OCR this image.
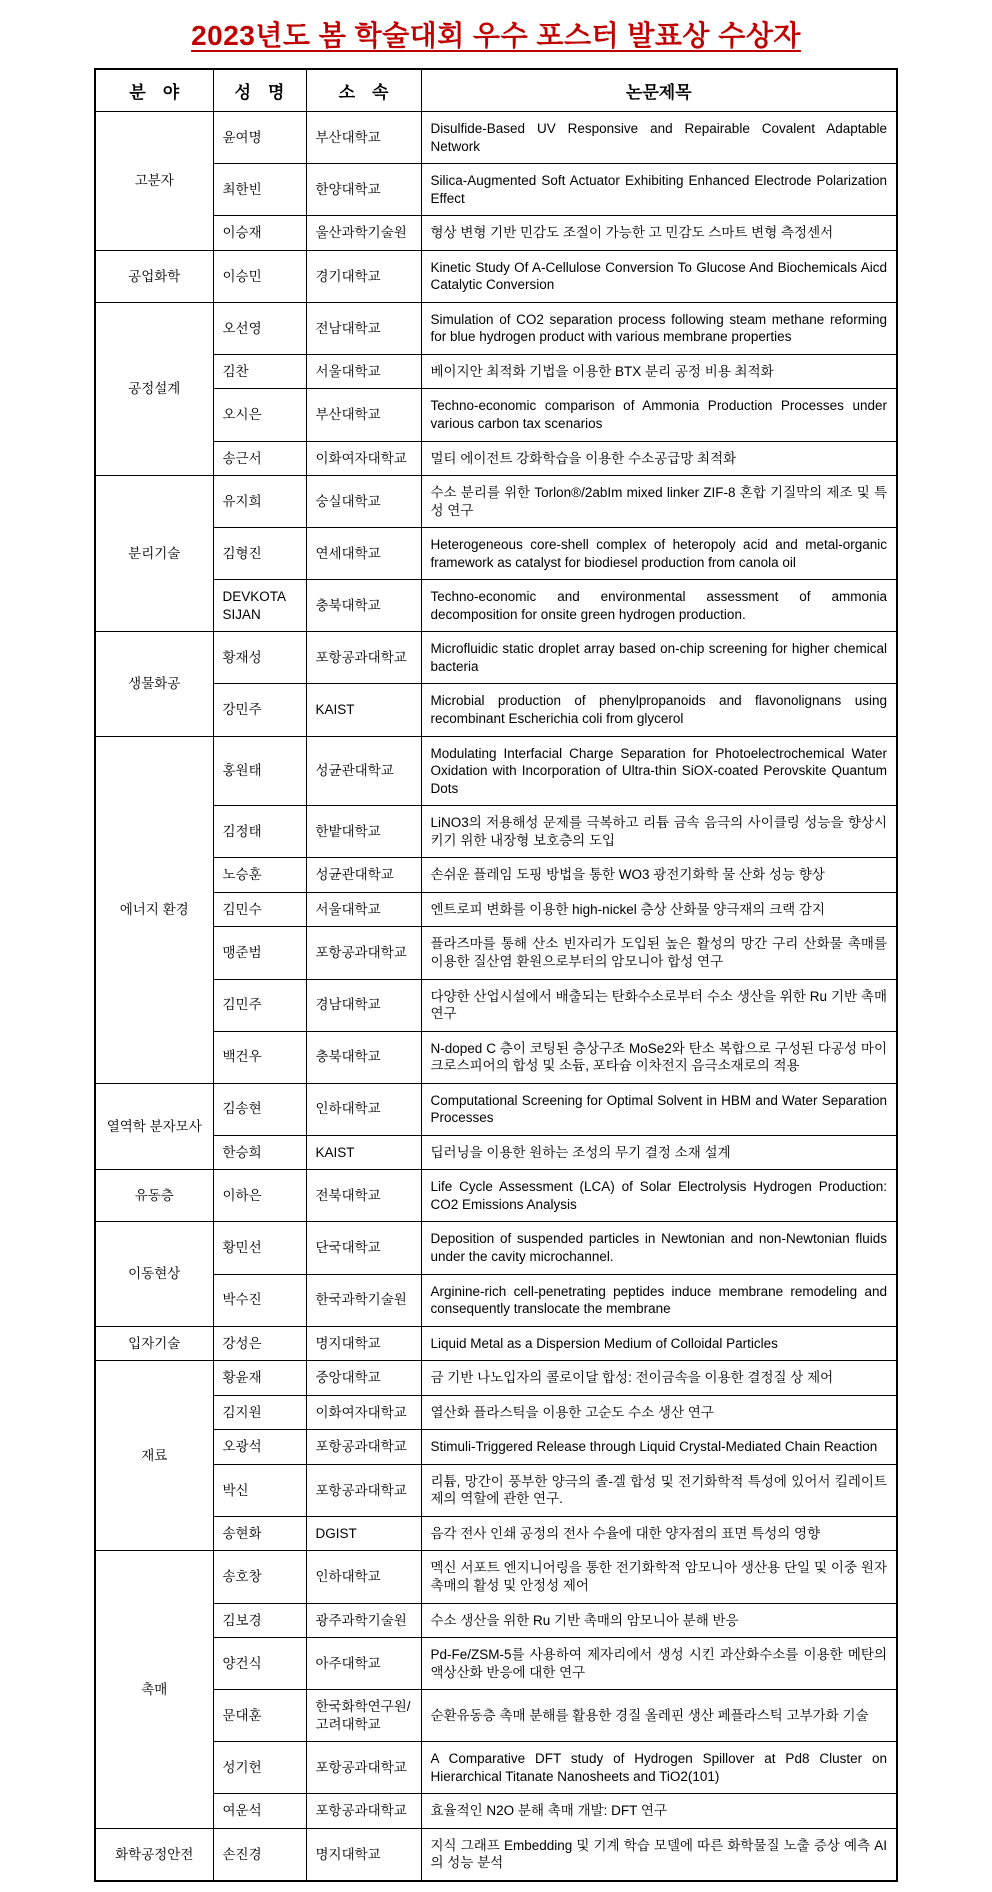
2023년도 봄 학술대회 우수 포스터 발표상 수상자
분　야	성　명	소　속	논문제목
고분자	윤여명	부산대학교	Disulfide-Based UV Responsive and Repairable Covalent Adaptable Network
	최한빈	한양대학교	Silica-Augmented Soft Actuator Exhibiting Enhanced Electrode Polarization Effect
	이승재	울산과학기술원	형상 변형 기반 민감도 조절이 가능한 고 민감도 스마트 변형 측정센서
공업화학	이승민	경기대학교	Kinetic Study Of A-Cellulose Conversion To Glucose And Biochemicals Aicd Catalytic Conversion
공정설계	오선영	전남대학교	Simulation of CO2 separation process following steam methane reforming for blue hydrogen product with various membrane properties
	김찬	서울대학교	베이지안 최적화 기법을 이용한 BTX 분리 공정 비용 최적화
	오시은	부산대학교	Techno-economic comparison of Ammonia Production Processes under various carbon tax scenarios
	송근서	이화여자대학교	멀티 에이전트 강화학습을 이용한 수소공급망 최적화
분리기술	유지희	숭실대학교	수소 분리를 위한 Torlon®/2abIm mixed linker ZIF-8 혼합 기질막의 제조 및 특성 연구
	김형진	연세대학교	Heterogeneous core-shell complex of heteropoly acid and metal-organic framework as catalyst for biodiesel production from canola oil
	DEVKOTA SIJAN	충북대학교	Techno-economic and environmental assessment of ammonia decomposition for onsite green hydrogen production.
생물화공	황재성	포항공과대학교	Microfluidic static droplet array based on-chip screening for higher chemical bacteria
	강민주	KAIST	Microbial production of phenylpropanoids and flavonolignans using recombinant Escherichia coli from glycerol
에너지 환경	홍원태	성균관대학교	Modulating Interfacial Charge Separation for Photoelectrochemical Water Oxidation with Incorporation of Ultra-thin SiOX-coated Perovskite Quantum Dots
	김정태	한밭대학교	LiNO3의 저용해성 문제를 극복하고 리튬 금속 음극의 사이클링 성능을 향상시키기 위한 내장형 보호층의 도입
	노승훈	성균관대학교	손쉬운 플레임 도핑 방법을 통한 WO3 광전기화학 물 산화 성능 향상
	김민수	서울대학교	엔트로피 변화를 이용한 high-nickel 층상 산화물 양극재의 크랙 감지
	맹준범	포항공과대학교	플라즈마를 통해 산소 빈자리가 도입된 높은 활성의 망간 구리 산화물 촉매를 이용한 질산염 환원으로부터의 암모니아 합성 연구
	김민주	경남대학교	다양한 산업시설에서 배출되는 탄화수소로부터 수소 생산을 위한 Ru 기반 촉매 연구
	백건우	충북대학교	N-doped C 층이 코팅된 층상구조 MoSe2와 탄소 복합으로 구성된 다공성 마이크로스피어의 합성 및 소듐, 포타슘 이차전지 음극소재로의 적용
열역학 분자모사	김송현	인하대학교	Computational Screening for Optimal Solvent in HBM and Water Separation Processes
	한승희	KAIST	딥러닝을 이용한 원하는 조성의 무기 결정 소재 설계
유동층	이하은	전북대학교	Life Cycle Assessment (LCA) of Solar Electrolysis Hydrogen Production: CO2 Emissions Analysis
이동현상	황민선	단국대학교	Deposition of suspended particles in Newtonian and non-Newtonian fluids under the cavity microchannel.
	박수진	한국과학기술원	Arginine-rich cell-penetrating peptides induce membrane remodeling and consequently translocate the membrane
입자기술	강성은	명지대학교	Liquid Metal as a Dispersion Medium of Colloidal Particles
재료	황윤재	중앙대학교	금 기반 나노입자의 콜로이달 합성: 전이금속을 이용한 결정질 상 제어
	김지원	이화여자대학교	열산화 플라스틱을 이용한 고순도 수소 생산 연구
	오광석	포항공과대학교	Stimuli-Triggered Release through Liquid Crystal-Mediated Chain Reaction
	박신	포항공과대학교	리튬, 망간이 풍부한 양극의 졸-겔 합성 및 전기화학적 특성에 있어서 킬레이트제의 역할에 관한 연구.
	송현화	DGIST	음각 전사 인쇄 공정의 전사 수율에 대한 양자점의 표면 특성의 영향
촉매	송호창	인하대학교	멕신 서포트 엔지니어링을 통한 전기화학적 암모니아 생산용 단일 및 이중 원자 촉매의 활성 및 안정성 제어
	김보경	광주과학기술원	수소 생산을 위한 Ru 기반 촉매의 암모니아 분해 반응
	양건식	아주대학교	Pd-Fe/ZSM-5를 사용하여 제자리에서 생성 시킨 과산화수소를 이용한 메탄의 액상산화 반응에 대한 연구
	문대훈	한국화학연구원/고려대학교	순환유동층 촉매 분해를 활용한 경질 올레핀 생산 페플라스틱 고부가화 기술
	성기헌	포항공과대학교	A Comparative DFT study of Hydrogen Spillover at Pd8 Cluster on Hierarchical Titanate Nanosheets and TiO2(101)
	여운석	포항공과대학교	효율적인 N2O 분해 촉매 개발: DFT 연구
화학공정안전	손진경	명지대학교	지식 그래프 Embedding 및 기계 학습 모델에 따른 화학물질 노출 증상 예측 AI의 성능 분석
